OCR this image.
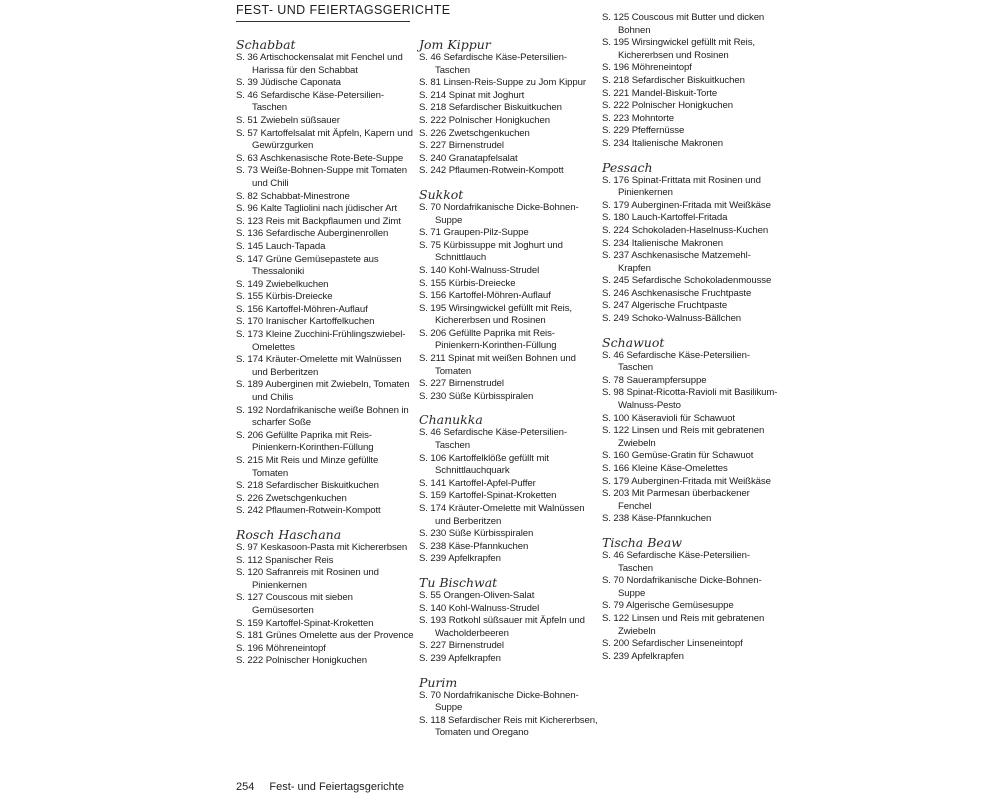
FEST- UND FEIERTAGSGERICHTE
Schabbat
S. 36 Artischockensalat mit Fenchel und Harissa für den Schabbat
S. 39 Jüdische Caponata
S. 46 Sefardische Käse-Petersilien-Taschen
S. 51 Zwiebeln süßsauer
S. 57 Kartoffelsalat mit Äpfeln, Kapern und Gewürzgurken
S. 63 Aschkenasische Rote-Bete-Suppe
S. 73 Weiße-Bohnen-Suppe mit Tomaten und Chili
S. 82 Schabbat-Minestrone
S. 96 Kalte Tagliolini nach jüdischer Art
S. 123 Reis mit Backpflaumen und Zimt
S. 136 Sefardische Auberginenrollen
S. 145 Lauch-Tapada
S. 147 Grüne Gemüsepastete aus Thessaloniki
S. 149 Zwiebelkuchen
S. 155 Kürbis-Dreiecke
S. 156 Kartoffel-Möhren-Auflauf
S. 170 Iranischer Kartoffelkuchen
S. 173 Kleine Zucchini-Frühlingszwiebel-Omelettes
S. 174 Kräuter-Omelette mit Walnüssen und Berberitzen
S. 189 Auberginen mit Zwiebeln, Tomaten und Chilis
S. 192 Nordafrikanische weiße Bohnen in scharfer Soße
S. 206 Gefüllte Paprika mit Reis-Pinienkern-Korinthen-Füllung
S. 215 Mit Reis und Minze gefüllte Tomaten
S. 218 Sefardischer Biskuitkuchen
S. 226 Zwetschgenkuchen
S. 242 Pflaumen-Rotwein-Kompott
Rosch Haschana
S. 97 Keskasoon-Pasta mit Kichererbsen
S. 112 Spanischer Reis
S. 120 Safranreis mit Rosinen und Pinienkernen
S. 127 Couscous mit sieben Gemüsesorten
S. 159 Kartoffel-Spinat-Kroketten
S. 181 Grünes Omelette aus der Provence
S. 196 Möhreneintopf
S. 222 Polnischer Honigkuchen
Jom Kippur
S. 46 Sefardische Käse-Petersilien-Taschen
S. 81 Linsen-Reis-Suppe zu Jom Kippur
S. 214 Spinat mit Joghurt
S. 218 Sefardischer Biskuitkuchen
S. 222 Polnischer Honigkuchen
S. 226 Zwetschgenkuchen
S. 227 Birnenstrudel
S. 240 Granatapfelsalat
S. 242 Pflaumen-Rotwein-Kompott
Sukkot
S. 70 Nordafrikanische Dicke-Bohnen-Suppe
S. 71 Graupen-Pilz-Suppe
S. 75 Kürbissuppe mit Joghurt und Schnittlauch
S. 140 Kohl-Walnuss-Strudel
S. 155 Kürbis-Dreiecke
S. 156 Kartoffel-Möhren-Auflauf
S. 195 Wirsingwickel gefüllt mit Reis, Kichererbsen und Rosinen
S. 206 Gefüllte Paprika mit Reis-Pinienkern-Korinthen-Füllung
S. 211 Spinat mit weißen Bohnen und Tomaten
S. 227 Birnenstrudel
S. 230 Süße Kürbisspiralen
Chanukka
S. 46 Sefardische Käse-Petersilien-Taschen
S. 106 Kartoffelklöße gefüllt mit Schnittlauchquark
S. 141 Kartoffel-Apfel-Puffer
S. 159 Kartoffel-Spinat-Kroketten
S. 174 Kräuter-Omelette mit Walnüssen und Berberitzen
S. 230 Süße Kürbisspiralen
S. 238 Käse-Pfannkuchen
S. 239 Apfelkrapfen
Tu Bischwat
S. 55 Orangen-Oliven-Salat
S. 140 Kohl-Walnuss-Strudel
S. 193 Rotkohl süßsauer mit Äpfeln und Wacholderbeeren
S. 227 Birnenstrudel
S. 239 Apfelkrapfen
Purim
S. 70 Nordafrikanische Dicke-Bohnen-Suppe
S. 118 Sefardischer Reis mit Kichererbsen, Tomaten und Oregano
S. 125 Couscous mit Butter und dicken Bohnen
S. 195 Wirsingwickel gefüllt mit Reis, Kichererbsen und Rosinen
S. 196 Möhreneintopf
S. 218 Sefardischer Biskuitkuchen
S. 221 Mandel-Biskuit-Torte
S. 222 Polnischer Honigkuchen
S. 223 Mohntorte
S. 229 Pfeffernüsse
S. 234 Italienische Makronen
Pessach
S. 176 Spinat-Frittata mit Rosinen und Pinienkernen
S. 179 Auberginen-Fritada mit Weißkäse
S. 180 Lauch-Kartoffel-Fritada
S. 224 Schokoladen-Haselnuss-Kuchen
S. 234 Italienische Makronen
S. 237 Aschkenasische Matzemehl-Krapfen
S. 245 Sefardische Schokoladenmousse
S. 246 Aschkenasische Fruchtpaste
S. 247 Algerische Fruchtpaste
S. 249 Schoko-Walnuss-Bällchen
Schawuot
S. 46 Sefardische Käse-Petersilien-Taschen
S. 78 Sauerampfersuppe
S. 98 Spinat-Ricotta-Ravioli mit Basilikum-Walnuss-Pesto
S. 100 Käseravioli für Schawuot
S. 122 Linsen und Reis mit gebratenen Zwiebeln
S. 160 Gemüse-Gratin für Schawuot
S. 166 Kleine Käse-Omelettes
S. 179 Auberginen-Fritada mit Weißkäse
S. 203 Mit Parmesan überbackener Fenchel
S. 238 Käse-Pfannkuchen
Tischa Beaw
S. 46 Sefardische Käse-Petersilien-Taschen
S. 70 Nordafrikanische Dicke-Bohnen-Suppe
S. 79 Algerische Gemüsesuppe
S. 122 Linsen und Reis mit gebratenen Zwiebeln
S. 200 Sefardischer Linseneintopf
S. 239 Apfelkrapfen
254 Fest- und Feiertagsgerichte
